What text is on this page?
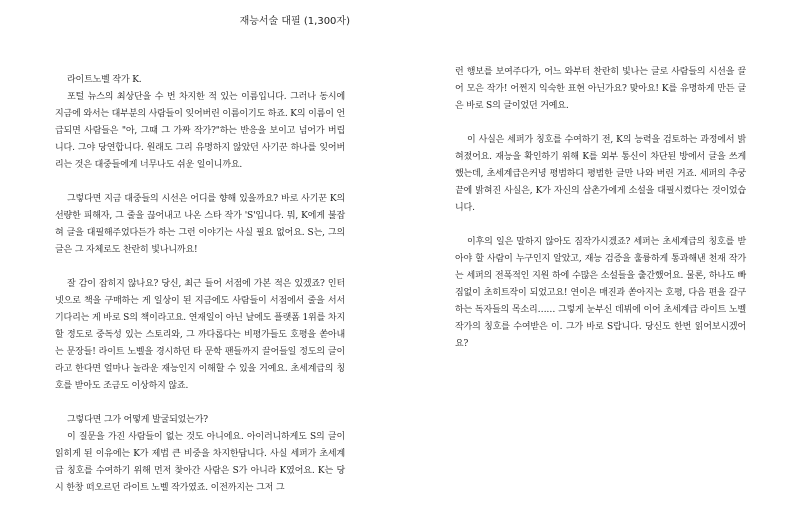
재능서술 대필 (1,300자)

라이트노벨 작가 K.

포털 뉴스의 최상단을 수 번 차지한 적 있는 이름입니다. 그러나 동시에 지금에 와서는 대부분의 사람들이 잊어버린 이름이기도 하죠. K의 이름이 언급되면 사람들은 "아, 그때 그 가짜 작가?"하는 반응을 보이고 넘어가 버립니다. 그야 당연합니다. 원래도 그리 유명하지 않았던 사기꾼 하나를 잊어버리는 것은 대중들에게 너무나도 쉬운 일이니까요.

그렇다면 지금 대중들의 시선은 어디를 향해 있을까요? 바로 사기꾼 K의 선량한 피해자, 그 줄을 끊어내고 나온 스타 작가 'S'입니다. 뭐, K에게 불잡혀 글을 대필해주었다든가 하는 그런 이야기는 사실 필요 없어요. S는, 그의 글은 그 자체로도 찬란히 빛나니까요!

잘 감이 잡히지 않나요? 당신, 최근 들어 서점에 가본 적은 있겠죠? 인터넷으로 책을 구매하는 게 일상이 된 지금에도 사람들이 서점에서 줄을 서서 기다리는 게 바로 S의 책이라고요. 연재일이 아닌 날에도 플랫폼 1위를 차지할 정도로 중독성 있는 스토리와, 그 까다롭다는 비평가들도 호평을 쏟아내는 문장들! 라이트 노벨을 경시하던 타 문학 팬들까지 끌어들일 정도의 글이라고 한다면 얼마나 놀라운 재능인지 이해할 수 있을 거예요. 초세계급의 칭호를 받아도 조금도 이상하지 않죠.

그렇다면 그가 어떻게 발굴되었는가?

이 질문을 가진 사람들이 없는 것도 아니에요. 아이러니하게도 S의 글이 읽히게 된 이유에는 K가 제법 큰 비중을 차지한답니다. 사실 세퍼가 초세계급 칭호를 수여하기 위해 먼저 찾아간 사람은 S가 아니라 K였어요. K는 당시 한창 떠오르던 라이트 노벨 작가였죠. 이전까지는 그저 그

런 행보를 보여주다가, 어느 와부터 찬란히 빛나는 글로 사람들의 시선을 끌어 모은 작가! 어쩐지 익숙한 표현 아닌가요? 맞아요! K를 유명하게 만든 글은 바로 S의 글이었던 거예요.

이 사실은 세퍼가 칭호를 수여하기 전, K의 능력을 검토하는 과정에서 밝혀졌어요. 재능을 확인하기 위해 K를 외부 통신이 차단된 방에서 글을 쓰게 했는데, 초세계급은커녕 평범하디 평범한 글만 나와 버린 거죠. 세퍼의 추궁 끝에 밝혀진 사실은, K가 자신의 삼촌가에게 소설을 대필시켰다는 것이었습니다.

이후의 일은 말하지 않아도 짐작가시겠죠? 세퍼는 초세계급의 칭호를 받아야 할 사람이 누구인지 알았고, 재능 검증을 훌륭하게 통과해낸 천재 작가는 세퍼의 전폭적인 지원 하에 수많은 소설들을 출간했어요. 물론, 하나도 빠짐없이 초히트작이 되었고요! 연이은 매진과 쏟아지는 호평, 다음 편을 갈구하는 독자들의 목소리…… 그렇게 눈부신 데뷔에 이어 초세계급 라이트 노벨 작가의 칭호를 수여받은 이. 그가 바로 S랍니다. 당신도 한번 읽어보시겠어요?
